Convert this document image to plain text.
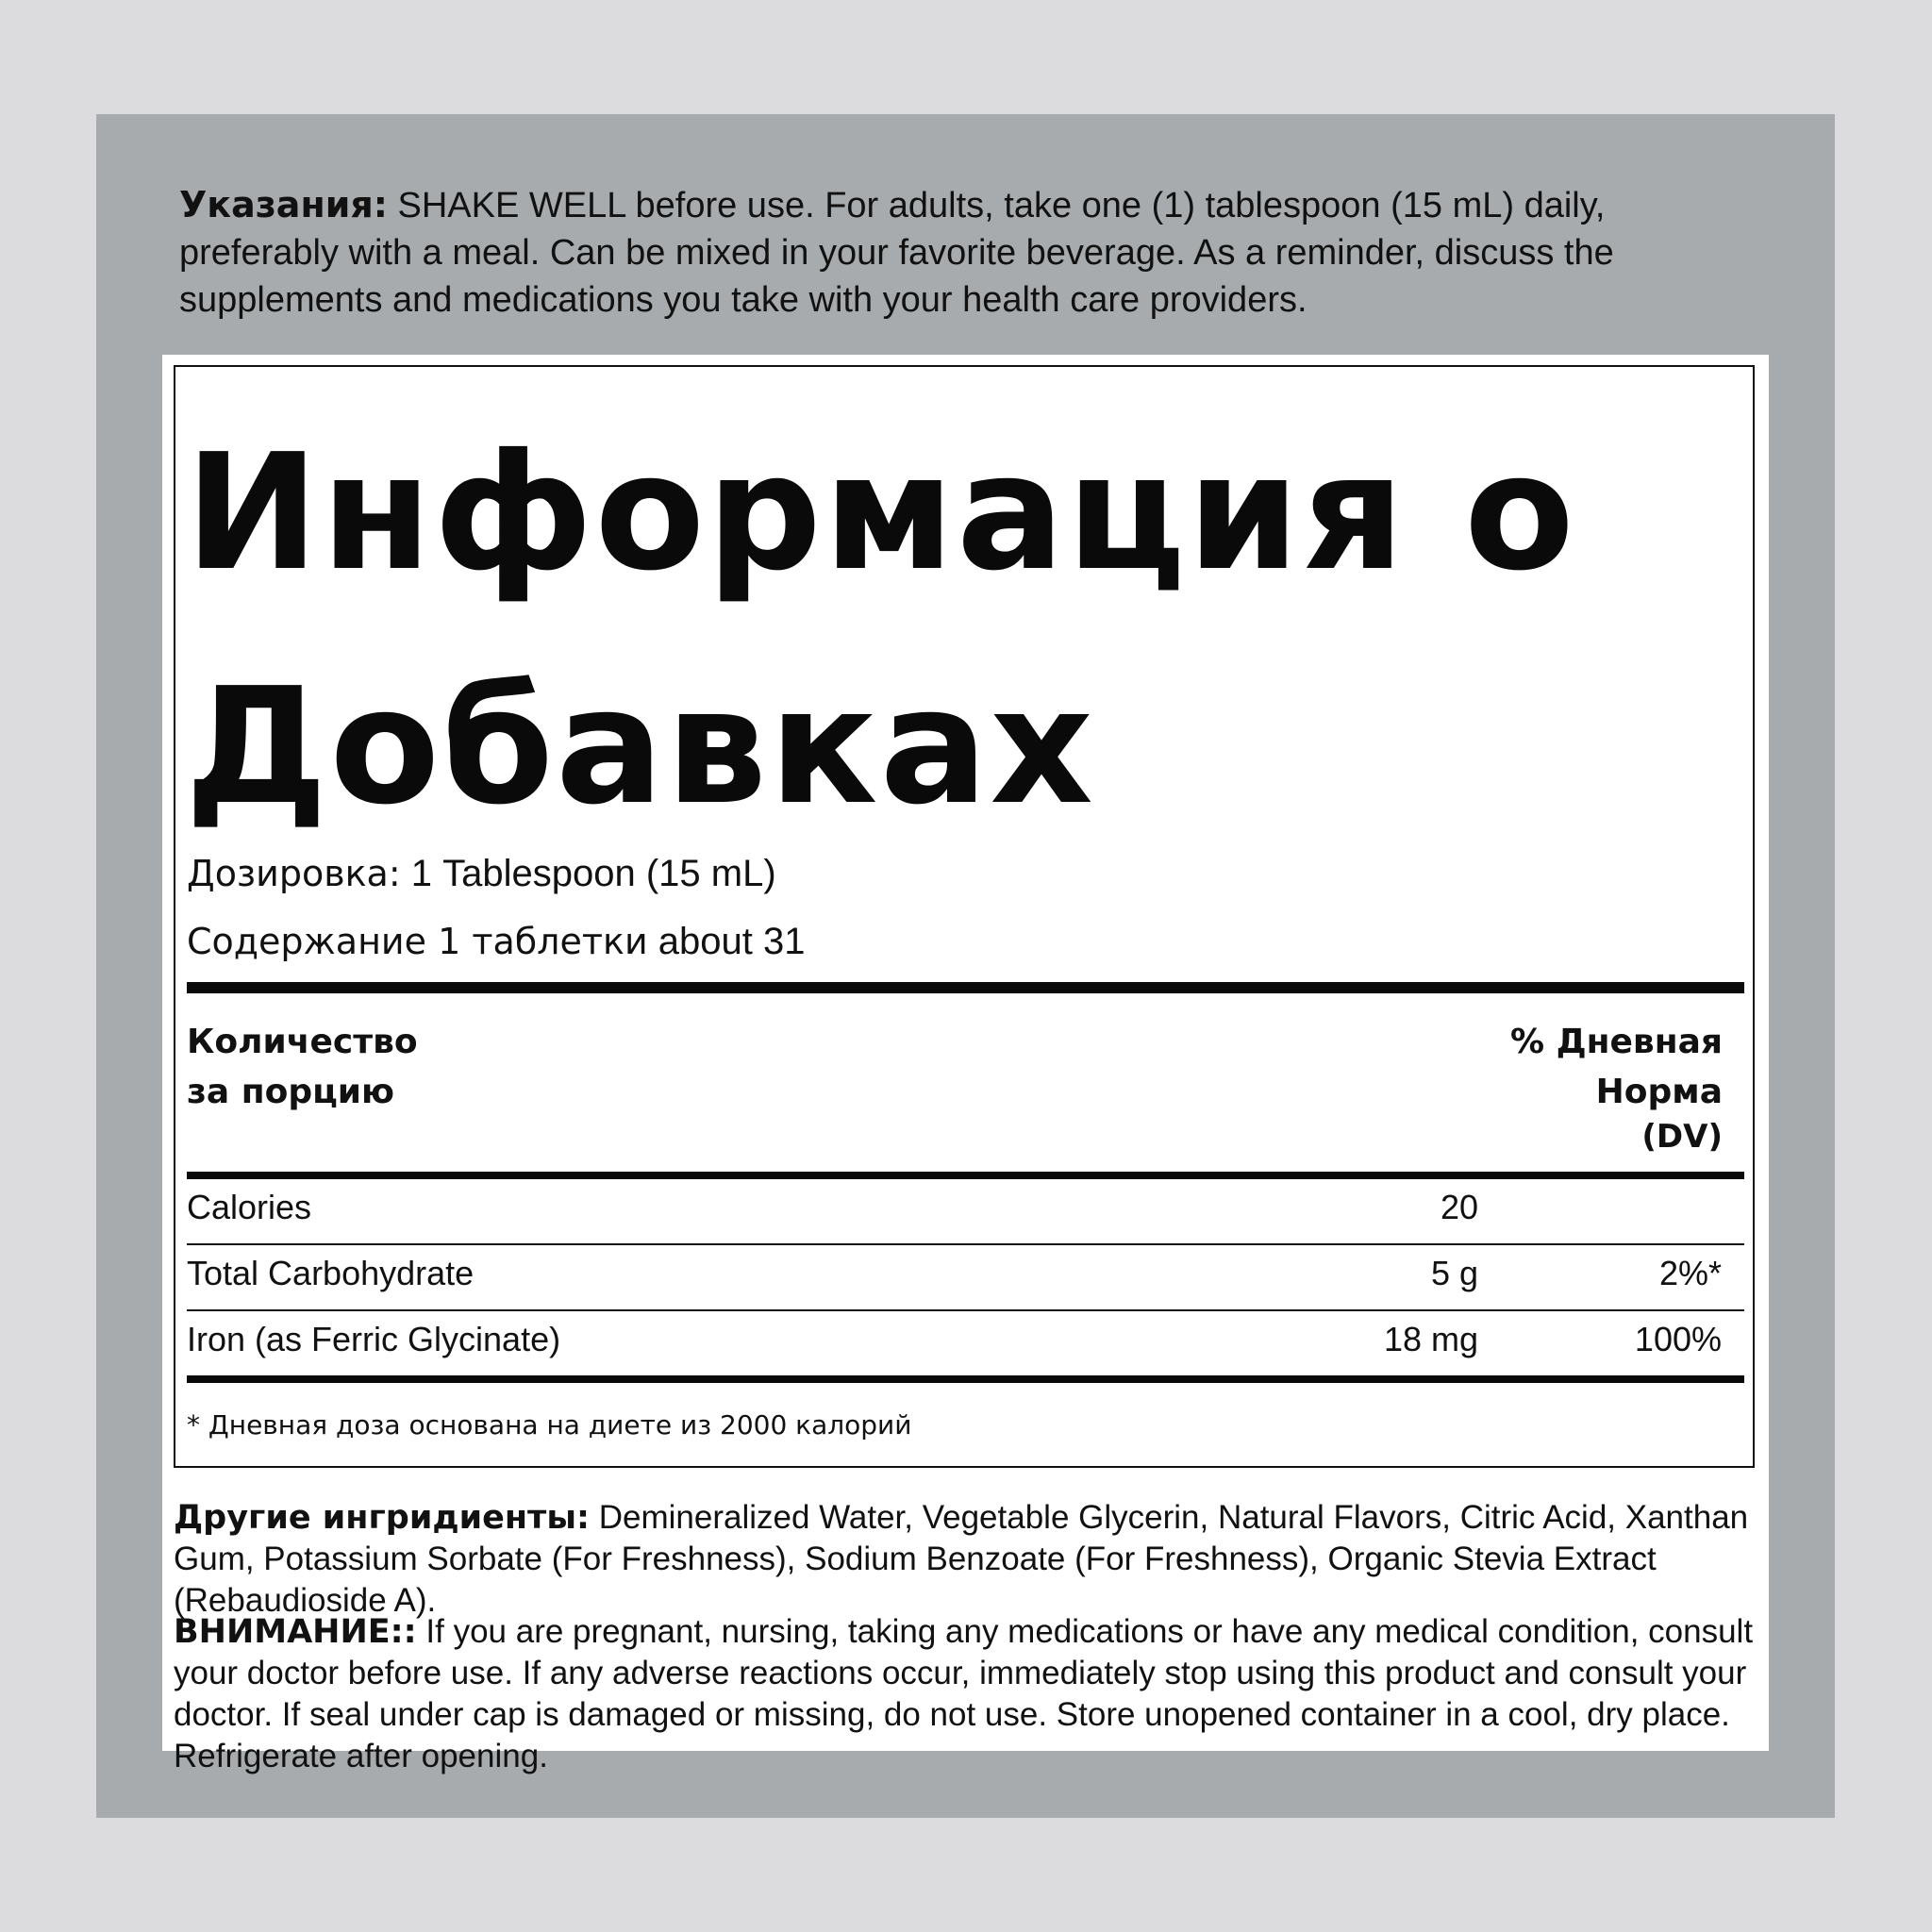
Указания: SHAKE WELL before use. For adults, take one (1) tablespoon (15 mL) daily, preferably with a meal. Can be mixed in your favorite beverage. As a reminder, discuss the supplements and medications you take with your health care providers.
Информация о Добавках
Дозировка: 1 Tablespoon (15 mL)
Содержание 1 таблетки about 31
Количество
за порцию
% Дневная
Норма
(DV)
Calories	20
Total Carbohydrate	5 g	2%*
Iron (as Ferric Glycinate)	18 mg	100%
* Дневная доза основана на диете из 2000 калорий
Другие ингридиенты: Demineralized Water, Vegetable Glycerin, Natural Flavors, Citric Acid, Xanthan Gum, Potassium Sorbate (For Freshness), Sodium Benzoate (For Freshness), Organic Stevia Extract (Rebaudioside A).
ВНИМАНИЕ:: If you are pregnant, nursing, taking any medications or have any medical condition, consult your doctor before use. If any adverse reactions occur, immediately stop using this product and consult your doctor. If seal under cap is damaged or missing, do not use. Store unopened container in a cool, dry place. Refrigerate after opening.
